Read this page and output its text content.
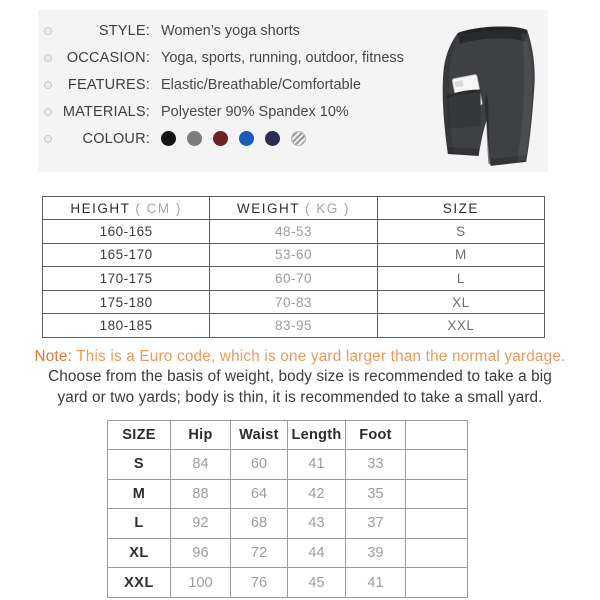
STYLE: Women’s yoga shorts
OCCASION: Yoga, sports, running, outdoor, fitness
FEATURES: Elastic/Breathable/Comfortable
MATERIALS: Polyester 90% Spandex 10%
COLOUR:
HEIGHT ( CM )	WEIGHT ( KG )	SIZE
160-165	48-53	S
165-170	53-60	M
170-175	60-70	L
175-180	70-83	XL
180-185	83-95	XXL
Note: This is a Euro code, which is one yard larger than the normal yardage.
Choose from the basis of weight, body size is recommended to take a big
yard or two yards; body is thin, it is recommended to take a small yard.
SIZE	Hip	Waist	Length	Foot	
S	84	60	41	33	
M	88	64	42	35	
L	92	68	43	37	
XL	96	72	44	39	
XXL	100	76	45	41	
